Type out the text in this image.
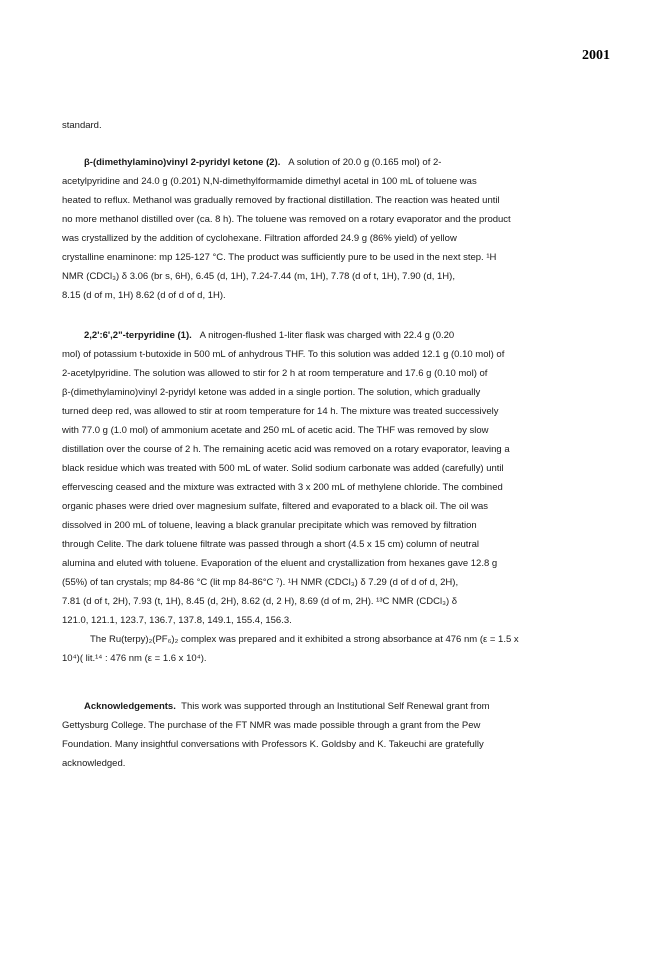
2001
standard.
β-(dimethylamino)vinyl 2-pyridyl ketone (2). A solution of 20.0 g (0.165 mol) of 2-
acetylpyridine and 24.0 g (0.201) N,N-dimethylformamide dimethyl acetal in 100 mL of toluene was
heated to reflux. Methanol was gradually removed by fractional distillation. The reaction was heated until
no more methanol distilled over (ca. 8 h). The toluene was removed on a rotary evaporator and the product
was crystallized by the addition of cyclohexane. Filtration afforded 24.9 g (86% yield) of yellow
crystalline enaminone: mp 125-127 °C. The product was sufficiently pure to be used in the next step. ¹H
NMR (CDCl₃) δ 3.06 (br s, 6H), 6.45 (d, 1H), 7.24-7.44 (m, 1H), 7.78 (d of t, 1H), 7.90 (d, 1H),
8.15 (d of m, 1H) 8.62 (d of d of d, 1H).
2,2':6',2"-terpyridine (1). A nitrogen-flushed 1-liter flask was charged with 22.4 g (0.20
mol) of potassium t-butoxide in 500 mL of anhydrous THF. To this solution was added 12.1 g (0.10 mol) of
2-acetylpyridine. The solution was allowed to stir for 2 h at room temperature and 17.6 g (0.10 mol) of
β-(dimethylamino)vinyl 2-pyridyl ketone was added in a single portion. The solution, which gradually
turned deep red, was allowed to stir at room temperature for 14 h. The mixture was treated successively
with 77.0 g (1.0 mol) of ammonium acetate and 250 mL of acetic acid. The THF was removed by slow
distillation over the course of 2 h. The remaining acetic acid was removed on a rotary evaporator, leaving a
black residue which was treated with 500 mL of water. Solid sodium carbonate was added (carefully) until
effervescing ceased and the mixture was extracted with 3 x 200 mL of methylene chloride. The combined
organic phases were dried over magnesium sulfate, filtered and evaporated to a black oil. The oil was
dissolved in 200 mL of toluene, leaving a black granular precipitate which was removed by filtration
through Celite. The dark toluene filtrate was passed through a short (4.5 x 15 cm) column of neutral
alumina and eluted with toluene. Evaporation of the eluent and crystallization from hexanes gave 12.8 g
(55%) of tan crystals; mp 84-86 °C (lit mp 84-86°C ⁷). ¹H NMR (CDCl₃) δ 7.29 (d of d of d, 2H),
7.81 (d of t, 2H), 7.93 (t, 1H), 8.45 (d, 2H), 8.62 (d, 2 H), 8.69 (d of m, 2H). ¹³C NMR (CDCl₃) δ
121.0, 121.1, 123.7, 136.7, 137.8, 149.1, 155.4, 156.3.
The Ru(terpy)₂(PF₆)₂ complex was prepared and it exhibited a strong absorbance at 476 nm (ε = 1.5 x
10⁴)( lit.¹⁴ : 476 nm (ε = 1.6 x 10⁴).
Acknowledgements. This work was supported through an Institutional Self Renewal grant from
Gettysburg College. The purchase of the FT NMR was made possible through a grant from the Pew
Foundation. Many insightful conversations with Professors K. Goldsby and K. Takeuchi are gratefully
acknowledged.
